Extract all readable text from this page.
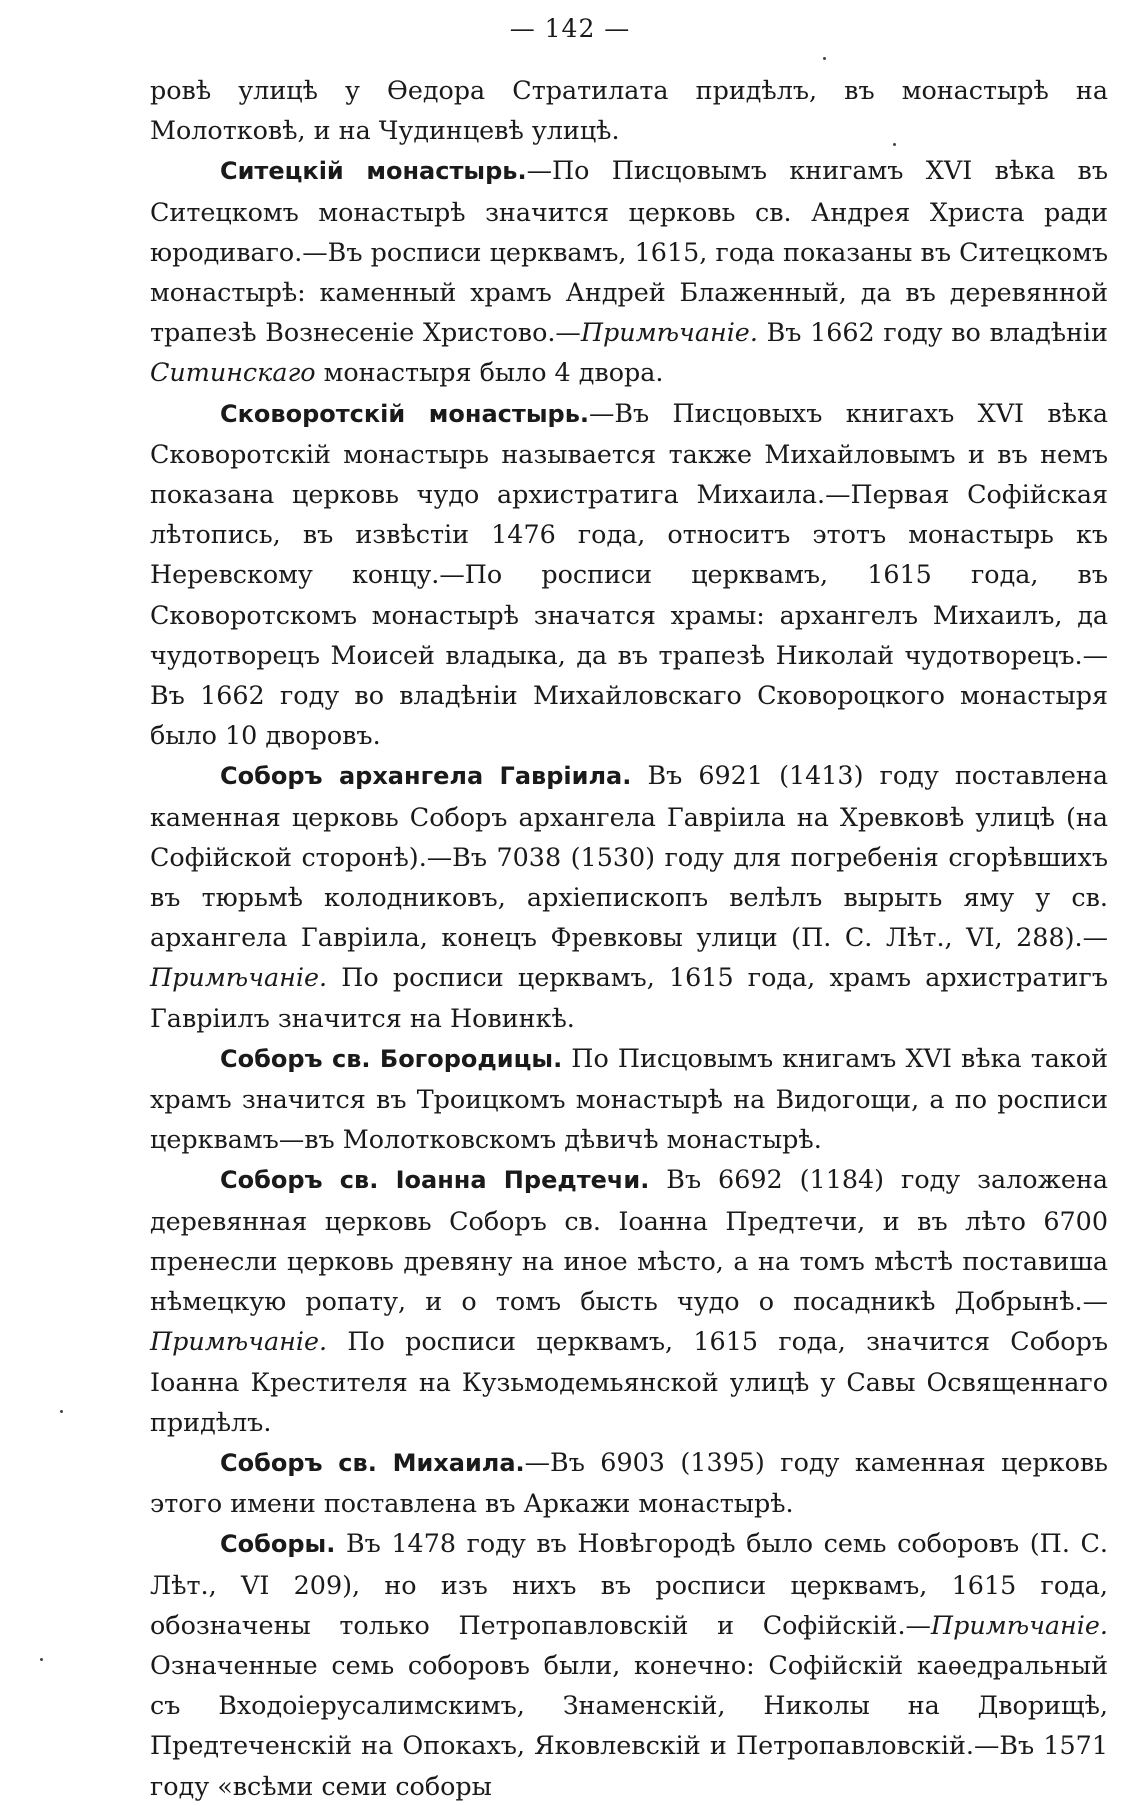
— 142 —

ровѣ улицѣ у Ѳедора Стратилата придѣлъ, въ монастырѣ на Молотковѣ, и на Чудинцевѣ улицѣ.

Ситецкій монастырь.—По Писцовымъ книгамъ XVI вѣка въ Ситецкомъ монастырѣ значится церковь св. Андрея Христа ради юродиваго.—Въ росписи церквамъ, 1615, года показаны въ Ситецкомъ монастырѣ: каменный храмъ Андрей Блаженный, да въ деревянной трапезѣ Вознесеніе Христово.—Примѣчаніе. Въ 1662 году во владѣніи Ситинскаго монастыря было 4 двора.

Сковоротскій монастырь.—Въ Писцовыхъ книгахъ XVI вѣка Сковоротскій монастырь называется также Михайловымъ и въ немъ показана церковь чудо архистратига Михаила.—Первая Софійская лѣтопись, въ извѣстіи 1476 года, относитъ этотъ монастырь къ Неревскому концу.—По росписи церквамъ, 1615 года, въ Сковоротскомъ монастырѣ значатся храмы: архангелъ Михаилъ, да чудотворецъ Моисей владыка, да въ трапезѣ Николай чудотворецъ.—Въ 1662 году во владѣніи Михайловскаго Сковороцкого монастыря было 10 дворовъ.

Соборъ архангела Гавріила. Въ 6921 (1413) году поставлена каменная церковь Соборъ архангела Гавріила на Хревковѣ улицѣ (на Софійской сторонѣ).—Въ 7038 (1530) году для погребенія сгорѣвшихъ въ тюрьмѣ колодниковъ, архіепископъ велѣлъ вырыть яму у св. архангела Гавріила, конецъ Фревковы улици (П. С. Лѣт., VI, 288).—Примѣчаніе. По росписи церквамъ, 1615 года, храмъ архистратигъ Гавріилъ значится на Новинкѣ.

Соборъ св. Богородицы. По Писцовымъ книгамъ XVI вѣка такой храмъ значится въ Троицкомъ монастырѣ на Видогощи, а по росписи церквамъ—въ Молотковскомъ дѣвичѣ монастырѣ.

Соборъ св. Іоанна Предтечи. Въ 6692 (1184) году заложена деревянная церковь Соборъ св. Іоанна Предтечи, и въ лѣто 6700 пренесли церковь древяну на иное мѣсто, а на томъ мѣстѣ поставиша нѣмецкую ропату, и о томъ бысть чудо о посадникѣ Добрынѣ.—Примѣчаніе. По росписи церквамъ, 1615 года, значится Соборъ Іоанна Крестителя на Кузьмодемьянской улицѣ у Савы Освященнаго придѣлъ.

Соборъ св. Михаила.—Въ 6903 (1395) году каменная церковь этого имени поставлена въ Аркажи монастырѣ.

Соборы. Въ 1478 году въ Новѣгородѣ было семь соборовъ (П. С. Лѣт., VI 209), но изъ нихъ въ росписи церквамъ, 1615 года, обозначены только Петропавловскій и Софійскій.—Примѣчаніе. Означенные семь соборовъ были, конечно: Софійскій каѳедральный съ Входоіерусалимскимъ, Знаменскій, Николы на Дворищѣ, Предтеченскій на Опокахъ, Яковлевскій и Петропавловскій.—Въ 1571 году «всѣми семи соборы
